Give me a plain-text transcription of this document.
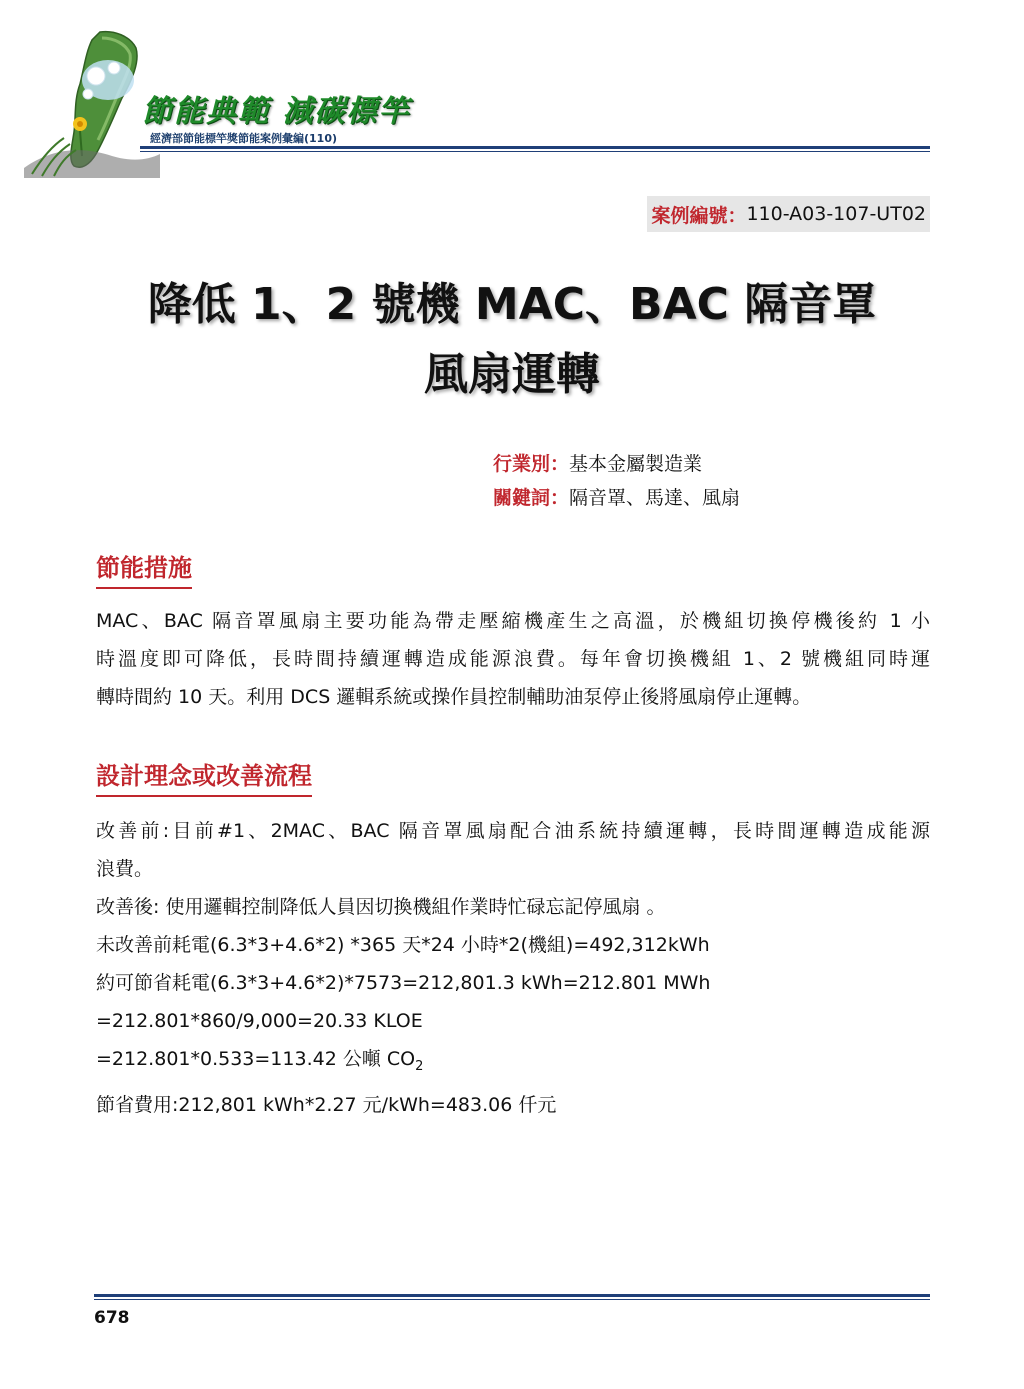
節能典範 減碳標竿
經濟部節能標竿獎節能案例彙編(110)
案例編號： 110-A03-107-UT02
降低 1、2 號機 MAC、BAC 隔音罩
風扇運轉
行業別：基本金屬製造業
關鍵詞：隔音罩、馬達、風扇
節能措施
MAC、BAC 隔音罩風扇主要功能為帶走壓縮機產生之高溫，於機組切換停機後約 1 小
時溫度即可降低，長時間持續運轉造成能源浪費。每年會切換機組 1、2 號機組同時運
轉時間約 10 天。利用 DCS 邏輯系統或操作員控制輔助油泵停止後將風扇停止運轉。
設計理念或改善流程
改善前:目前#1、2MAC、BAC 隔音罩風扇配合油系統持續運轉，長時間運轉造成能源
浪費。
改善後: 使用邏輯控制降低人員因切換機組作業時忙碌忘記停風扇 。
未改善前耗電(6.3*3+4.6*2) *365 天*24 小時*2(機組)=492,312kWh
約可節省耗電(6.3*3+4.6*2)*7573=212,801.3 kWh=212.801 MWh
=212.801*860/9,000=20.33 KLOE
=212.801*0.533=113.42 公噸 $CO_2$
節省費用:212,801 kWh*2.27 元/kWh=483.06 仟元
678
